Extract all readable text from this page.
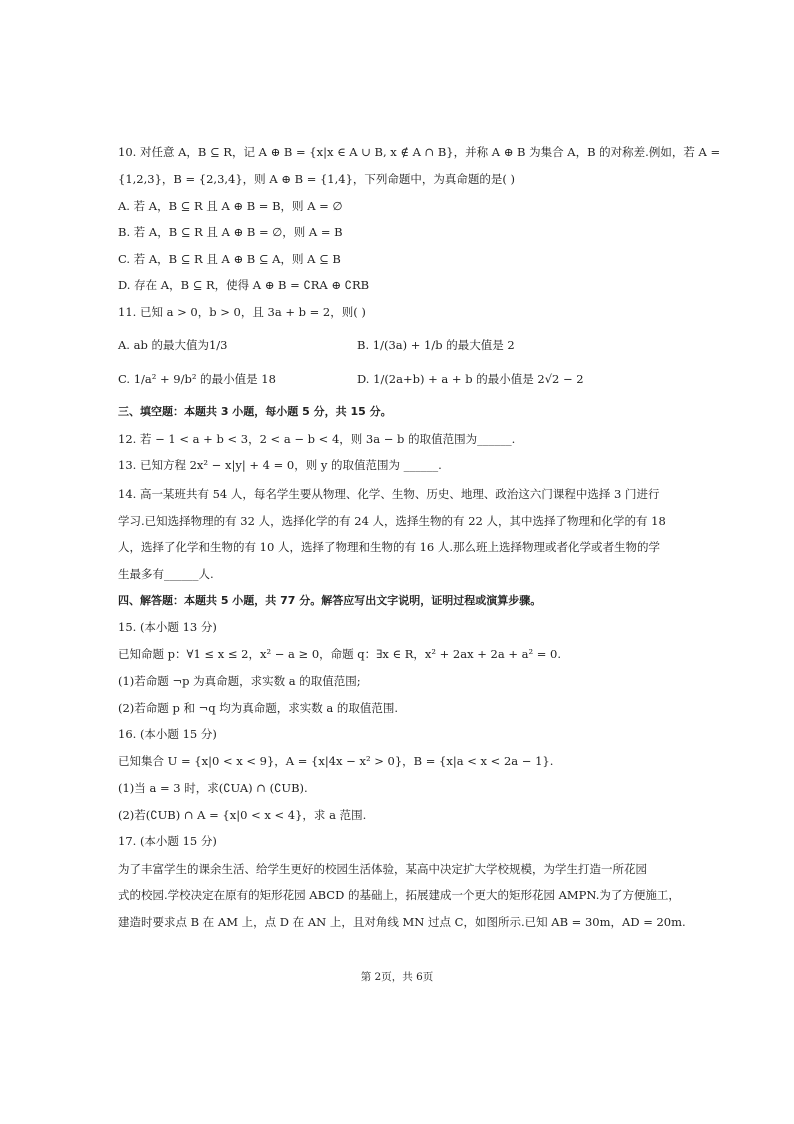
10. 对任意 A，B ⊆ R，记 A ⊕ B = {x|x ∈ A ∪ B, x ∉ A ∩ B}，并称 A ⊕ B 为集合 A，B 的对称差.例如，若 A =
{1,2,3}，B = {2,3,4}，则 A ⊕ B = {1,4}，下列命题中，为真命题的是( )
A. 若 A，B ⊆ R 且 A ⊕ B = B，则 A = ∅
B. 若 A，B ⊆ R 且 A ⊕ B = ∅，则 A = B
C. 若 A，B ⊆ R 且 A ⊕ B ⊆ A，则 A ⊆ B
D. 存在 A，B ⊆ R，使得 A ⊕ B = ∁RA ⊕ ∁RB
11. 已知 a > 0，b > 0，且 3a + b = 2，则( )
A. ab 的最大值为1/3	B. 1/(3a) + 1/b 的最大值是 2
C. 1/a² + 9/b² 的最小值是 18	D. 1/(2a+b) + a + b 的最小值是 2√2 − 2
三、填空题：本题共 3 小题，每小题 5 分，共 15 分。
12. 若 − 1 < a + b < 3，2 < a − b < 4，则 3a − b 的取值范围为______.
13. 已知方程 2x² − x|y| + 4 = 0，则 y 的取值范围为 ______.
14. 高一某班共有 54 人，每名学生要从物理、化学、生物、历史、地理、政治这六门课程中选择 3 门进行
学习.已知选择物理的有 32 人，选择化学的有 24 人，选择生物的有 22 人，其中选择了物理和化学的有 18
人，选择了化学和生物的有 10 人，选择了物理和生物的有 16 人.那么班上选择物理或者化学或者生物的学
生最多有______人.
四、解答题：本题共 5 小题，共 77 分。解答应写出文字说明，证明过程或演算步骤。
15. (本小题 13 分)
已知命题 p：∀1 ≤ x ≤ 2，x² − a ≥ 0，命题 q：∃x ∈ R，x² + 2ax + 2a + a² = 0.
(1)若命题 ¬p 为真命题，求实数 a 的取值范围;
(2)若命题 p 和 ¬q 均为真命题，求实数 a 的取值范围.
16. (本小题 15 分)
已知集合 U = {x|0 < x < 9}，A = {x|4x − x² > 0}，B = {x|a < x < 2a − 1}.
(1)当 a = 3 时，求(∁UA) ∩ (∁UB).
(2)若(∁UB) ∩ A = {x|0 < x < 4}，求 a 范围.
17. (本小题 15 分)
为了丰富学生的课余生活、给学生更好的校园生活体验，某高中决定扩大学校规模，为学生打造一所花园
式的校园.学校决定在原有的矩形花园 ABCD 的基础上，拓展建成一个更大的矩形花园 AMPN.为了方便施工，
建造时要求点 B 在 AM 上，点 D 在 AN 上，且对角线 MN 过点 C，如图所示.已知 AB = 30m，AD = 20m.
第 2页，共 6页
